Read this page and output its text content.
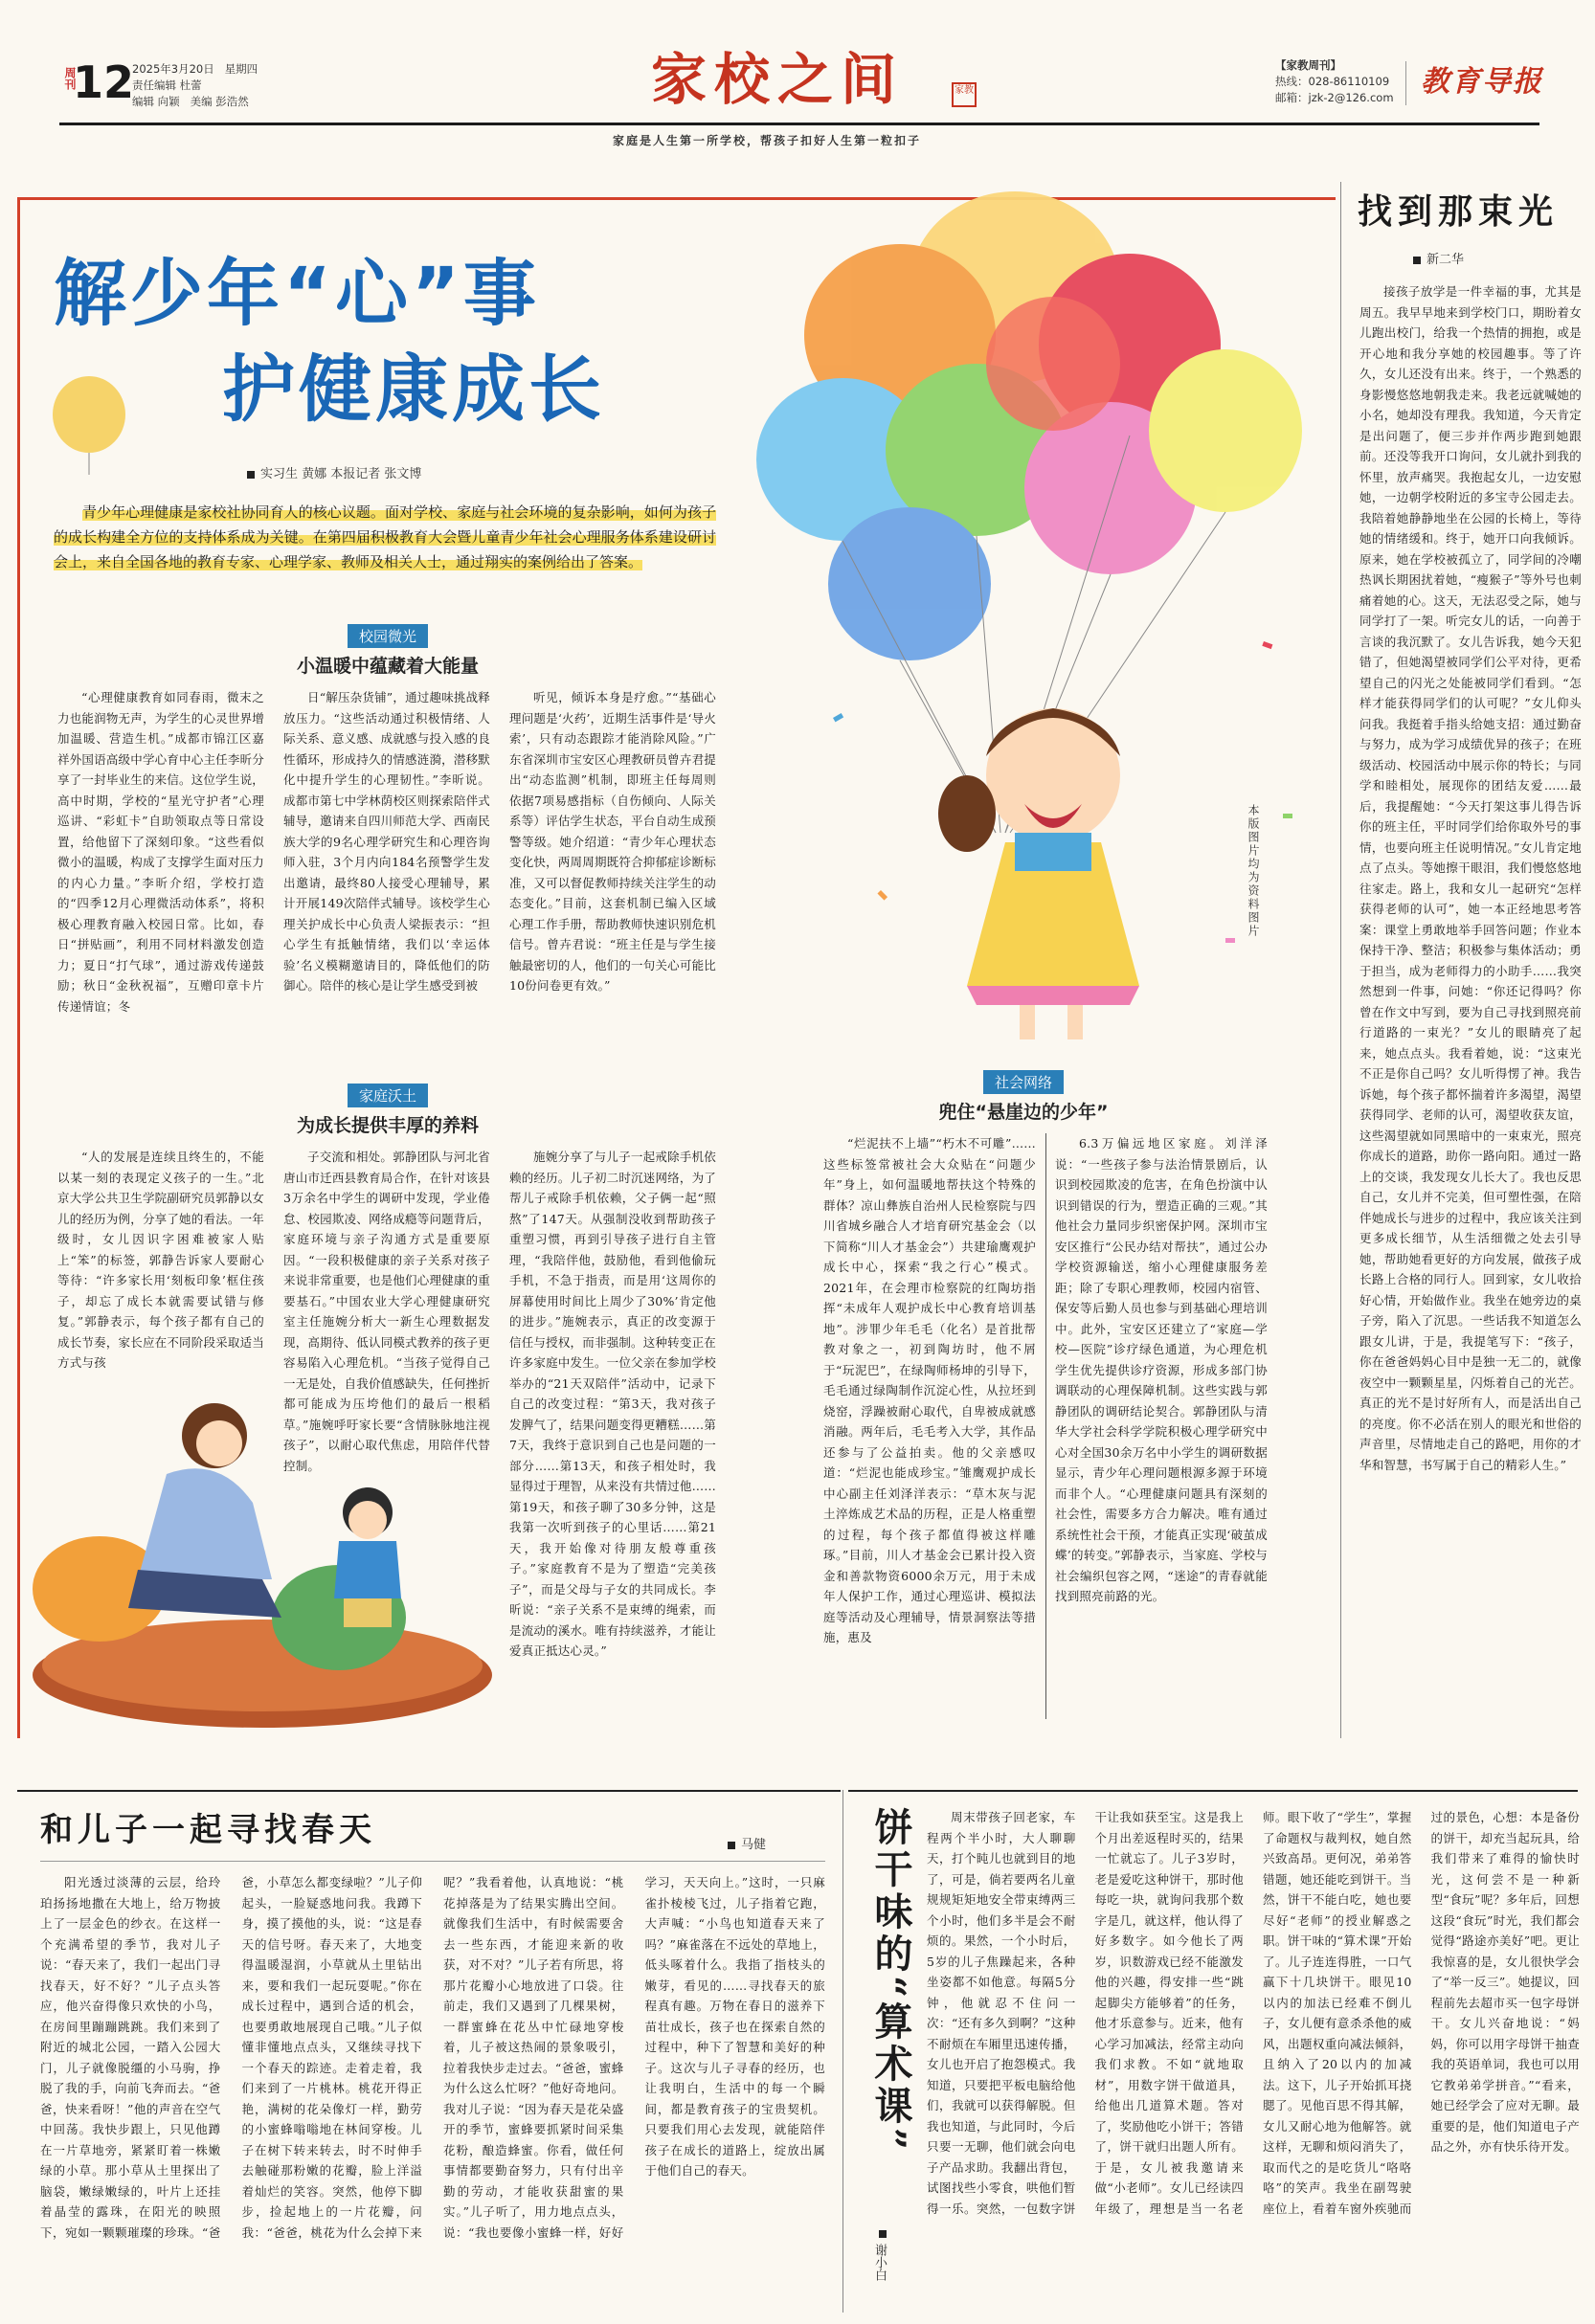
周刊
12
2025年3月20日 星期四
责任编辑 杜蕾
编辑 向颖 美编 彭浩然	家校之间	家教
【家教周刊】
热线：028-86110109
邮箱：jzk-2@126.com 教育导报
家庭是人生第一所学校，帮孩子扣好人生第一粒扣子
本版图片均为资料图片
解少年“心”事
护健康成长
实习生 黄娜 本报记者 张文博
青少年心理健康是家校社协同育人的核心议题。面对学校、家庭与社会环境的复杂影响，如何为孩子的成长构建全方位的支持体系成为关键。在第四届积极教育大会暨儿童青少年社会心理服务体系建设研讨会上，来自全国各地的教育专家、心理学家、教师及相关人士，通过翔实的案例给出了答案。
校园微光
小温暖中蕴藏着大能量

“心理健康教育如同春雨，微末之力也能润物无声，为学生的心灵世界增加温暖、营造生机。”成都市锦江区嘉祥外国语高级中学心育中心主任李昕分享了一封毕业生的来信。这位学生说，高中时期，学校的“星光守护者”心理巡讲、“彩虹卡”自助领取点等日常设置，给他留下了深刻印象。“这些看似微小的温暖，构成了支撑学生面对压力的内心力量。”李昕介绍，学校打造的“四季12月心理微活动体系”，将积极心理教育融入校园日常。比如，春日“拼贴画”，利用不同材料激发创造力；夏日“打气球”，通过游戏传递鼓励；秋日“金秋祝福”，互赠印章卡片传递情谊；冬

日“解压杂货铺”，通过趣味挑战释放压力。“这些活动通过积极情绪、人际关系、意义感、成就感与投入感的良性循环，形成持久的情感涟漪，潜移默化中提升学生的心理韧性。”李昕说。成都市第七中学林荫校区则探索陪伴式辅导，邀请来自四川师范大学、西南民族大学的9名心理学研究生和心理咨询师入驻，3个月内向184名预警学生发出邀请，最终80人接受心理辅导，累计开展149次陪伴式辅导。该校学生心理关护成长中心负责人梁振表示：“担心学生有抵触情绪，我们以‘幸运体验’名义模糊邀请目的，降低他们的防御心。陪伴的核心是让学生感受到被

听见，倾诉本身是疗愈。”“基础心理问题是‘火药’，近期生活事件是‘导火索’，只有动态跟踪才能消除风险。”广东省深圳市宝安区心理教研员曾卉君提出“动态监测”机制，即班主任每周则依据7项易感指标（自伤倾向、人际关系等）评估学生状态，平台自动生成预警等级。她介绍道：“青少年心理状态变化快，两周周期既符合抑郁症诊断标准，又可以督促教师持续关注学生的动态变化。”目前，这套机制已编入区域心理工作手册，帮助教师快速识别危机信号。曾卉君说：“班主任是与学生接触最密切的人，他们的一句关心可能比10份问卷更有效。”

家庭沃土
为成长提供丰厚的养料

“人的发展是连续且终生的，不能以某一刻的表现定义孩子的一生。”北京大学公共卫生学院副研究员郭静以女儿的经历为例，分享了她的看法。一年级时，女儿因识字困难被家人贴上“笨”的标签，郭静告诉家人要耐心等待：“许多家长用‘刻板印象’框住孩子，却忘了成长本就需要试错与修复。”郭静表示，每个孩子都有自己的成长节奏，家长应在不同阶段采取适当方式与孩

子交流和相处。郭静团队与河北省唐山市迁西县教育局合作，在针对该县3万余名中学生的调研中发现，学业倦怠、校园欺凌、网络成瘾等问题背后，家庭环境与亲子沟通方式是重要原因。“一段积极健康的亲子关系对孩子来说非常重要，也是他们心理健康的重要基石。”中国农业大学心理健康研究室主任施婉分析大一新生心理数据发现，高期待、低认同模式教养的孩子更容易陷入心理危机。“当孩子觉得自己一无是处，自我价值感缺失，任何挫折都可能成为压垮他们的最后一根稻草。”施婉呼吁家长要“含情脉脉地注视孩子”，以耐心取代焦虑，用陪伴代替控制。

施婉分享了与儿子一起戒除手机依赖的经历。儿子初二时沉迷网络，为了帮儿子戒除手机依赖，父子俩一起“照熬”了147天。从强制没收到帮助孩子重塑习惯，再到引导孩子进行自主管理，“我陪伴他，鼓励他，看到他偷玩手机，不急于指责，而是用‘这周你的屏幕使用时间比上周少了30%’肯定他的进步。”施婉表示，真正的改变源于信任与授权，而非强制。这种转变正在许多家庭中发生。一位父亲在参加学校举办的“21天双陪伴”活动中，记录下自己的改变过程：“第3天，我对孩子发脾气了，结果问题变得更糟糕……第7天，我终于意识到自己也是问题的一部分……第13天，和孩子相处时，我显得过于理智，从来没有共情过他……第19天，和孩子聊了30多分钟，这是我第一次听到孩子的心里话……第21天，我开始像对待朋友般尊重孩子。”家庭教育不是为了塑造“完美孩子”，而是父母与子女的共同成长。李昕说：“亲子关系不是束缚的绳索，而是流动的溪水。唯有持续滋养，才能让爱真正抵达心灵。”

社会网络
兜住“悬崖边的少年”

“烂泥扶不上墙”“朽木不可雕”……这些标签常被社会大众贴在“问题少年”身上，如何温暖地帮扶这个特殊的群体？凉山彝族自治州人民检察院与四川省城乡融合人才培育研究基金会（以下简称“川人才基金会”）共建瑜鹰观护成长中心，探索“我之行心”模式。2021年，在会理市检察院的红陶坊指挥“未成年人观护成长中心教育培训基地”。涉罪少年毛毛（化名）是首批帮教对象之一，初到陶坊时，他不屑于“玩泥巴”，在绿陶师杨坤的引导下，毛毛通过绿陶制作沉淀心性，从拉坯到烧窑，浮躁被耐心取代，自卑被成就感消融。两年后，毛毛考入大学，其作品还参与了公益拍卖。他的父亲感叹道：“烂泥也能成珍宝。”雏鹰观护成长中心副主任刘泽洋表示：“草木灰与泥土淬炼成艺术品的历程，正是人格重塑的过程，每个孩子都值得被这样雕琢。”目前，川人才基金会已累计投入资金和善款物资6000余万元，用于未成年人保护工作，通过心理巡讲、模拟法庭等活动及心理辅导，情景洞察法等措施，惠及

6.3万偏远地区家庭。刘洋泽说：“一些孩子参与法治情景剧后，认识到校园欺凌的危害，在角色扮演中认识到错误的行为，塑造正确的三观。”其他社会力量同步织密保护网。深圳市宝安区推行“公民办结对帮扶”，通过公办学校资源输送，缩小心理健康服务差距；除了专职心理教师，校园内宿管、保安等后勤人员也参与到基础心理培训中。此外，宝安区还建立了“家庭—学校—医院”诊疗绿色通道，为心理危机学生优先提供诊疗资源，形成多部门协调联动的心理保障机制。这些实践与郭静团队的调研结论契合。郭静团队与清华大学社会科学学院积极心理学研究中心对全国30余万名中小学生的调研数据显示，青少年心理问题根源多源于环境而非个人。“心理健康问题具有深刻的社会性，需要多方合力解决。唯有通过系统性社会干预，才能真正实现‘破茧成蝶’的转变。”郭静表示，当家庭、学校与社会编织包容之网，“迷途”的青春就能找到照亮前路的光。

找到那束光
新二华

接孩子放学是一件幸福的事，尤其是周五。我早早地来到学校门口，期盼着女儿跑出校门，给我一个热情的拥抱，或是开心地和我分享她的校园趣事。等了许久，女儿还没有出来。终于，一个熟悉的身影慢悠悠地朝我走来。我老远就喊她的小名，她却没有理我。我知道，今天肯定是出问题了，便三步并作两步跑到她跟前。还没等我开口询问，女儿就扑到我的怀里，放声痛哭。我抱起女儿，一边安慰她，一边朝学校附近的多宝寺公园走去。我陪着她静静地坐在公园的长椅上，等待她的情绪缓和。终于，她开口向我倾诉。原来，她在学校被孤立了，同学间的冷嘲热讽长期困扰着她，“瘦猴子”等外号也刺痛着她的心。这天，无法忍受之际，她与同学打了一架。听完女儿的话，一向善于言谈的我沉默了。女儿告诉我，她今天犯错了，但她渴望被同学们公平对待，更希望自己的闪光之处能被同学们看到。“怎样才能获得同学们的认可呢？”女儿仰头问我。我挺着手指头给她支招：通过勤奋与努力，成为学习成绩优异的孩子；在班级活动、校园活动中展示你的特长；与同学和睦相处，展现你的团结友爱……最后，我提醒她：“今天打架这事儿得告诉你的班主任，平时同学们给你取外号的事情，也要向班主任说明情况。”女儿肯定地点了点头。等她擦干眼泪，我们慢悠悠地往家走。路上，我和女儿一起研究“怎样获得老师的认可”，她一本正经地思考答案：课堂上勇敢地举手回答问题；作业本保持干净、整洁；积极参与集体活动；勇于担当，成为老师得力的小助手……我突然想到一件事，问她：“你还记得吗？你曾在作文中写到，要为自己寻找到照亮前行道路的一束光？”女儿的眼睛亮了起来，她点点头。我看着她，说：“这束光不正是你自己吗？女儿听得愣了神。我告诉她，每个孩子都怀揣着许多渴望，渴望获得同学、老师的认可，渴望收获友谊，这些渴望就如同黑暗中的一束束光，照亮你成长的道路，助你一路向阳。通过一路上的交谈，我发现女儿长大了。我也反思自己，女儿并不完美，但可塑性强，在陪伴她成长与进步的过程中，我应该关注到更多成长细节，从生活细微之处去引导她，帮助她看更好的方向发展，做孩子成长路上合格的同行人。回到家，女儿收拾好心情，开始做作业。我坐在她旁边的桌子旁，陷入了沉思。一些话我不知道怎么跟女儿讲，于是，我提笔写下：“孩子，你在爸爸妈妈心目中是独一无二的，就像夜空中一颗颗星星，闪烁着自己的光芒。真正的光不是讨好所有人，而是活出自己的亮度。你不必活在别人的眼光和世俗的声音里，尽情地走自己的路吧，用你的才华和智慧，书写属于自己的精彩人生。”

和儿子一起寻找春天	马健

阳光透过淡薄的云层，给玲珀扬扬地撒在大地上，给万物披上了一层金色的纱衣。在这样一个充满希望的季节，我对儿子说：“春天来了，我们一起出门寻找春天，好不好？”儿子点头答应，他兴奋得像只欢快的小鸟，在房间里蹦蹦跳跳。我们来到了附近的城北公园，一踏入公园大门，儿子就像脱缰的小马驹，挣脱了我的手，向前飞奔而去。“爸爸，快来看呀！”他的声音在空气中回荡。我快步跟上，只见他蹲在一片草地旁，紧紧盯着一株嫩绿的小草。那小草从土里探出了脑袋，嫩绿嫩绿的，叶片上还挂着晶莹的露珠，在阳光的映照下，宛如一颗颗璀璨的珍珠。“爸爸，小草怎么都变绿啦？”儿子仰起头，一脸疑惑地问我。我蹲下身，摸了摸他的头，说：“这是春天的信号呀。春天来了，大地变得温暖湿润，小草就从土里钻出来，要和我们一起玩耍呢。”你在成长过程中，遇到合适的机会，也要勇敢地展现自己哦。”儿子似懂非懂地点点头，又继续寻找下一个春天的踪迹。走着走着，我们来到了一片桃林。桃花开得正艳，满树的花朵像灯一样，勤劳的小蜜蜂嗡嗡地在林间穿梭。儿子在树下转来转去，时不时伸手去触碰那粉嫩的花瓣，脸上洋溢着灿烂的笑容。突然，他停下脚步，捡起地上的一片花瓣，问我：“爸爸，桃花为什么会掉下来呢？”我看着他，认真地说：“桃花掉落是为了结果实腾出空间。就像我们生活中，有时候需要舍去一些东西，才能迎来新的收获，对不对？”儿子若有所思，将那片花瓣小心地放进了口袋。往前走，我们又遇到了几棵果树，一群蜜蜂在花丛中忙碌地穿梭着，儿子被这热闹的景象吸引，拉着我快步走过去。“爸爸，蜜蜂为什么这么忙呀？”他好奇地问。我对儿子说：“因为春天是花朵盛开的季节，蜜蜂要抓紧时间采集花粉，酿造蜂蜜。你看，做任何事情都要勤奋努力，只有付出辛勤的劳动，才能收获甜蜜的果实。”儿子听了，用力地点点头，说：“我也要像小蜜蜂一样，好好学习，天天向上。”这时，一只麻雀扑棱棱飞过，儿子指着它跑，大声喊：“小鸟也知道春天来了吗？”麻雀落在不远处的草地上，低头啄着什么。我指了指枝头的嫩芽，看见的……寻找春天的旅程真有趣。万物在春日的滋养下苗壮成长，孩子也在探索自然的过程中，种下了智慧和美好的种子。这次与儿子寻春的经历，也让我明白，生活中的每一个瞬间，都是教育孩子的宝贵契机。只要我们用心去发现，就能陪伴孩子在成长的道路上，绽放出属于他们自己的春天。

饼干味的“算术课”
谢小白

周末带孩子回老家，车程两个半小时，大人聊聊天，打个盹儿也就到目的地了，可是，倘若要两名儿童规规矩矩地安全带束缚两三个小时，他们多半是会不耐烦的。果然，一个小时后，5岁的儿子焦躁起来，各种坐姿都不如他意。每隔5分钟，他就忍不住问一次：“还有多久到啊？”这种不耐烦在车厢里迅速传播，女儿也开启了抱怨模式。我知道，只要把平板电脑给他们，我就可以获得解脱。但我也知道，与此同时，今后只要一无聊，他们就会向电子产品求助。我翻出背包，试图找些小零食，哄他们暂得一乐。突然，一包数字饼干让我如获至宝。这是我上个月出差返程时买的，结果一忙就忘了。儿子3岁时，老是爱吃这种饼干，那时他每吃一块，就询问我那个数字是几，就这样，他认得了好多数字。如今他长了两岁，识数游戏已经不能激发他的兴趣，得安排一些“跳起脚尖方能够着”的任务，他才乐意参与。近来，他有心学习加减法，经常主动向我们求教。不如“就地取材”，用数字饼干做道具，给他出几道算术题。答对了，奖励他吃小饼干；答错了，饼干就归出题人所有。于是，女儿被我邀请来做“小老师”。女儿已经读四年级了，理想是当一名老师。眼下收了“学生”，掌握了命题权与裁判权，她自然兴致高昂。更何况，弟弟答错题，她还能吃到饼干。当然，饼干不能白吃，她也要尽好“老师”的授业解惑之职。饼干味的“算术课”开始了。儿子连连得胜，一口气赢下十几块饼干。眼见10以内的加法已经难不倒儿子，女儿便有意杀杀他的威风，出题权重向减法倾斜，且纳入了20以内的加减法。这下，儿子开始抓耳挠腮了。见他百思不得其解，女儿又耐心地为他解答。就这样，无聊和烦闷消失了，取而代之的是吃货儿“咯咯咯”的笑声。我坐在副驾驶座位上，看着车窗外疾驰而过的景色，心想：本是备份的饼干，却充当起玩具，给我们带来了难得的愉快时光，这何尝不是一种新型“食玩”呢？多年后，回想这段“食玩”时光，我们都会觉得“路途亦美好”吧。更让我惊喜的是，女儿很快学会了“举一反三”。她提议，回程前先去超市买一包字母饼干。女儿兴奋地说：“妈妈，你可以用字母饼干抽查我的英语单词，我也可以用它教弟弟学拼音。”“看来，她已经学会了应对无聊。最重要的是，他们知道电子产品之外，亦有快乐待开发。
